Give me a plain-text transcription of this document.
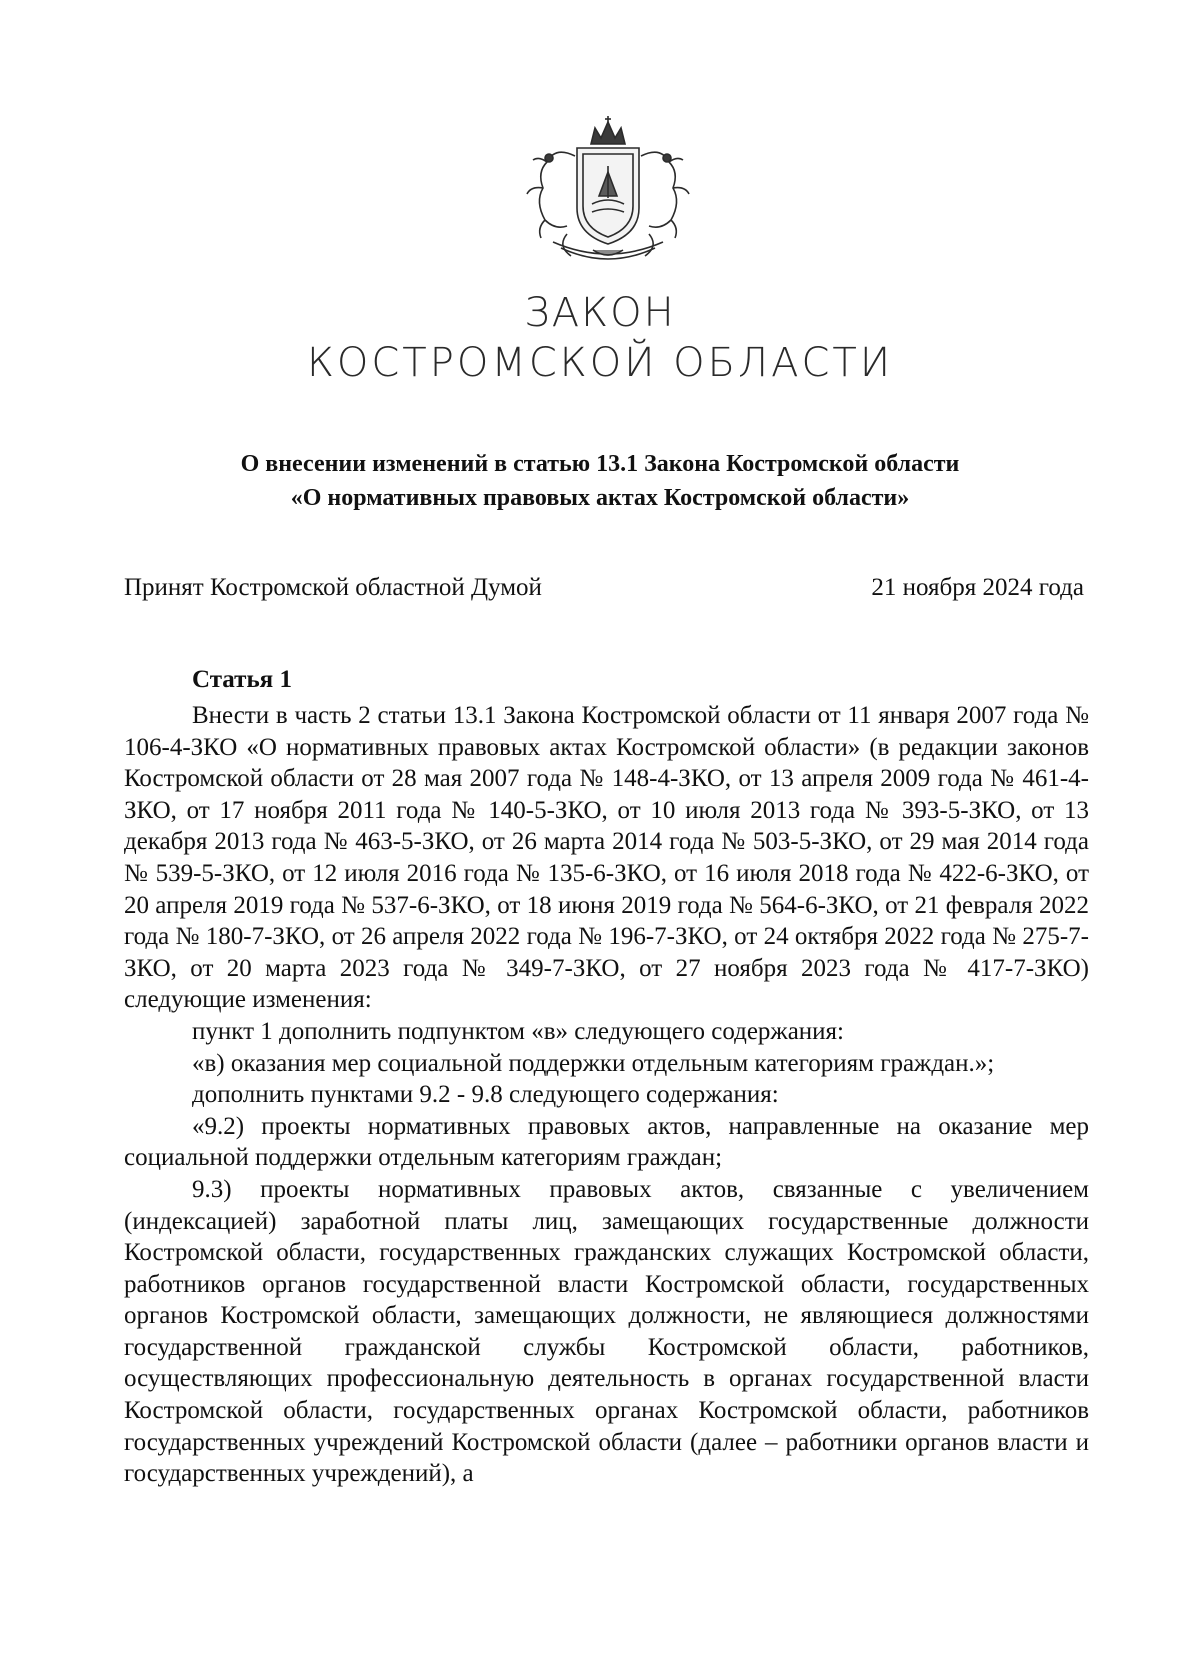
ЗАКОН
КОСТРОМСКОЙ ОБЛАСТИ
О внесении изменений в статью 13.1 Закона Костромской области
«О нормативных правовых актах Костромской области»
Принят Костромской областной Думой	21 ноября 2024 года
Статья 1

Внести в часть 2 статьи 13.1 Закона Костромской области от 11 января 2007 года № 106-4-ЗКО «О нормативных правовых актах Костромской области» (в редакции законов Костромской области от 28 мая 2007 года № 148-4-ЗКО, от 13 апреля 2009 года № 461-4-ЗКО, от 17 ноября 2011 года № 140-5-ЗКО, от 10 июля 2013 года № 393-5-ЗКО, от 13 декабря 2013 года № 463-5-ЗКО, от 26 марта 2014 года № 503-5-ЗКО, от 29 мая 2014 года № 539-5-ЗКО, от 12 июля 2016 года № 135-6-ЗКО, от 16 июля 2018 года № 422-6-ЗКО, от 20 апреля 2019 года № 537-6-ЗКО, от 18 июня 2019 года № 564-6-ЗКО, от 21 февраля 2022 года № 180-7-ЗКО, от 26 апреля 2022 года № 196-7-ЗКО, от 24 октября 2022 года № 275-7-ЗКО, от 20 марта 2023 года № 349-7-ЗКО, от 27 ноября 2023 года № 417-7-ЗКО) следующие изменения:

пункт 1 дополнить подпунктом «в» следующего содержания:

«в) оказания мер социальной поддержки отдельным категориям граждан.»;

дополнить пунктами 9.2 - 9.8 следующего содержания:

«9.2) проекты нормативных правовых актов, направленные на оказание мер социальной поддержки отдельным категориям граждан;

9.3) проекты нормативных правовых актов, связанные с увеличением (индексацией) заработной платы лиц, замещающих государственные должности Костромской области, государственных гражданских служащих Костромской области, работников органов государственной власти Костромской области, государственных органов Костромской области, замещающих должности, не являющиеся должностями государственной гражданской службы Костромской области, работников, осуществляющих профессиональную деятельность в органах государственной власти Костромской области, государственных органах Костромской области, работников государственных учреждений Костромской области (далее – работники органов власти и государственных учреждений), а
